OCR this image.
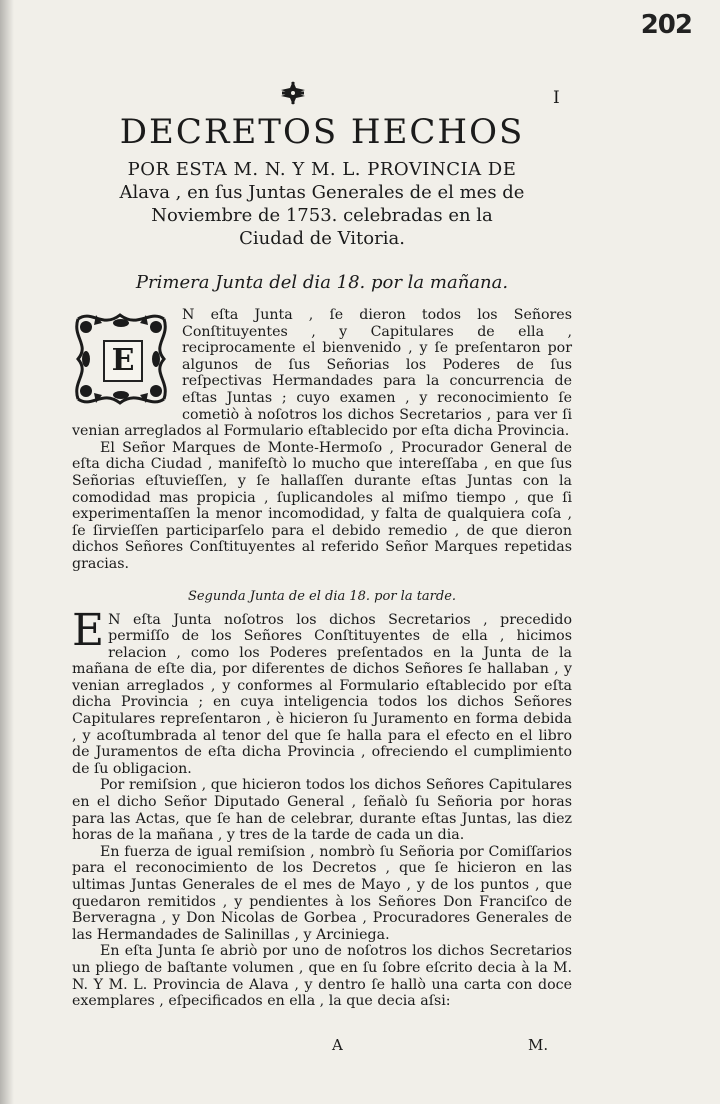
202
I
DECRETOS HECHOS
POR ESTA M. N. Y M. L. PROVINCIA DE
Alava , en ſus Juntas Generales de el mes de
Noviembre de 1753. celebradas en la
Ciudad de Vitoria.
Primera Junta del dia 18. por la mañana.
E

N eſta Junta , ſe dieron todos los Señores Conſtituyentes , y Capitulares de ella , reciprocamente el bienvenido , y ſe preſentaron por algunos de ſus Señorias los Poderes de ſus reſpectivas Hermandades para la concurrencia de eſtas Juntas ; cuyo examen , y reconocimiento ſe cometiò à noſotros los dichos Secretarios , para ver ſi venian arreglados al Formulario eſtablecido por eſta dicha Provincia.

El Señor Marques de Monte-Hermoſo , Procurador General de eſta dicha Ciudad , manifeſtò lo mucho que intereſſaba , en que ſus Señorias eſtuvieſſen, y ſe hallaſſen durante eſtas Juntas con la comodidad mas propicia , ſuplicandoles al miſmo tiempo , que ſi experimentaſſen la menor incomodidad, y falta de qualquiera coſa , ſe ſirvieſſen participarſelo para el debido remedio , de que dieron dichos Señores Conſtituyentes al referido Señor Marques repetidas gracias.

Segunda Junta de el dia 18. por la tarde.
E N eſta Junta noſotros los dichos Secretarios , precedido permiſſo de los Señores Conſtituyentes de ella , hicimos relacion , como los Poderes preſentados en la Junta de la mañana de eſte dia, por diferentes de dichos Señores ſe hallaban , y venian arreglados , y conformes al Formulario eſtablecido por eſta dicha Provincia ; en cuya inteligencia todos los dichos Señores Capitulares repreſentaron , è hicieron ſu Juramento en forma debida , y acoſtumbrada al tenor del que ſe halla para el efecto en el libro de Juramentos de eſta dicha Provincia , ofreciendo el cumplimiento de ſu obligacion.

Por remiſsion , que hicieron todos los dichos Señores Capitulares en el dicho Señor Diputado General , ſeñalò ſu Señoria por horas para las Actas, que ſe han de celebrar, durante eſtas Juntas, las diez horas de la mañana , y tres de la tarde de cada un dia.

En fuerza de igual remiſsion , nombrò ſu Señoria por Comiſſarios para el reconocimiento de los Decretos , que ſe hicieron en las ultimas Juntas Generales de el mes de Mayo , y de los puntos , que quedaron remitidos , y pendientes à los Señores Don Franciſco de Berveragna , y Don Nicolas de Gorbea , Procuradores Generales de las Hermandades de Salinillas , y Arciniega.

En eſta Junta ſe abriò por uno de noſotros los dichos Secretarios un pliego de baſtante volumen , que en ſu ſobre eſcrito decia à la M. N. Y M. L. Provincia de Alava , y dentro ſe hallò una carta con doce exemplares , eſpecificados en ella , la que decia aſsi:

A	M.
